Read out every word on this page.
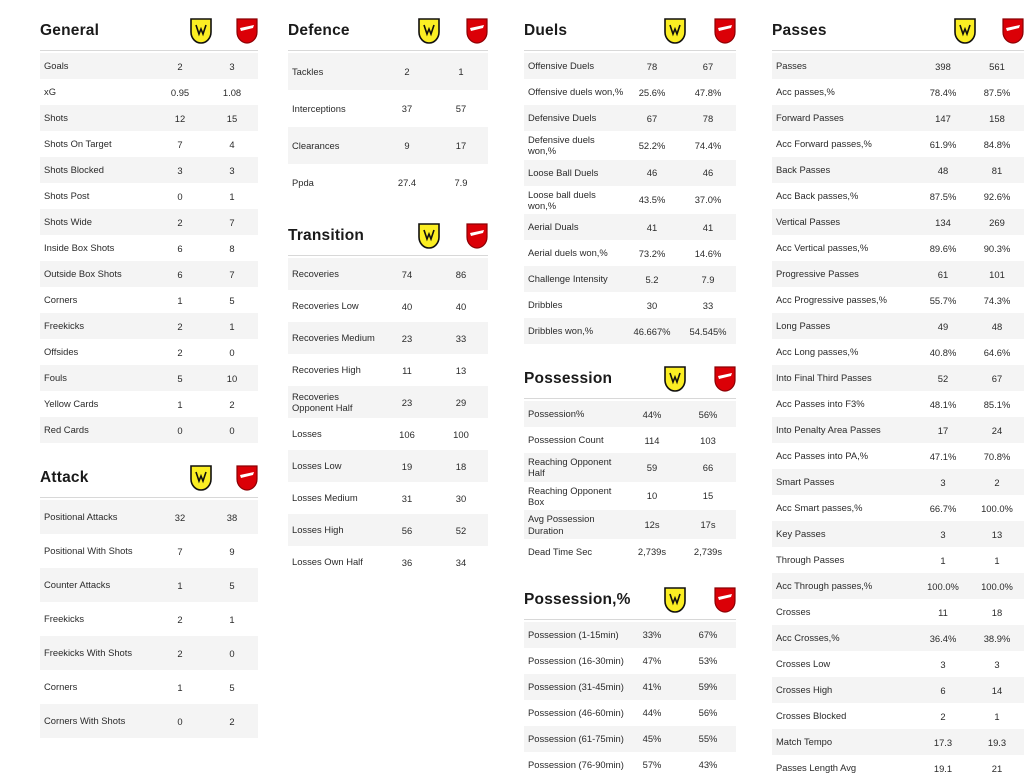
General
Goals	2	3
xG	0.95	1.08
Shots	12	15
Shots On Target	7	4
Shots Blocked	3	3
Shots Post	0	1
Shots Wide	2	7
Inside Box Shots	6	8
Outside Box Shots	6	7
Corners	1	5
Freekicks	2	1
Offsides	2	0
Fouls	5	10
Yellow Cards	1	2
Red Cards	0	0
Attack
Positional Attacks	32	38
Positional With Shots	7	9
Counter Attacks	1	5
Freekicks	2	1
Freekicks With Shots	2	0
Corners	1	5
Corners With Shots	0	2
Defence
Tackles	2	1
Interceptions	37	57
Clearances	9	17
Ppda	27.4	7.9
Transition
Recoveries	74	86
Recoveries Low	40	40
Recoveries Medium	23	33
Recoveries High	11	13
Recoveries Opponent Half	23	29
Losses	106	100
Losses Low	19	18
Losses Medium	31	30
Losses High	56	52
Losses Own Half	36	34
Duels
Offensive Duels	78	67
Offensive duels won,%	25.6%	47.8%
Defensive Duels	67	78
Defensive duels won,%	52.2%	74.4%
Loose Ball Duels	46	46
Loose ball duels won,%	43.5%	37.0%
Aerial Duals	41	41
Aerial duels won,%	73.2%	14.6%
Challenge Intensity	5.2	7.9
Dribbles	30	33
Dribbles won,%	46.667%	54.545%
Possession
Possession%	44%	56%
Possession Count	114	103
Reaching Opponent Half	59	66
Reaching Opponent Box	10	15
Avg Possession Duration	12s	17s
Dead Time Sec	2,739s	2,739s
Possession,%
Possession (1-15min)	33%	67%
Possession (16-30min)	47%	53%
Possession (31-45min)	41%	59%
Possession (46-60min)	44%	56%
Possession (61-75min)	45%	55%
Possession (76-90min)	57%	43%
Passes
Passes	398	561
Acc passes,%	78.4%	87.5%
Forward Passes	147	158
Acc Forward passes,%	61.9%	84.8%
Back Passes	48	81
Acc Back passes,%	87.5%	92.6%
Vertical Passes	134	269
Acc Vertical passes,%	89.6%	90.3%
Progressive Passes	61	101
Acc Progressive passes,%	55.7%	74.3%
Long Passes	49	48
Acc Long passes,%	40.8%	64.6%
Into Final Third Passes	52	67
Acc Passes into F3%	48.1%	85.1%
Into Penalty Area Passes	17	24
Acc Passes into PA,%	47.1%	70.8%
Smart Passes	3	2
Acc Smart passes,%	66.7%	100.0%
Key Passes	3	13
Through Passes	1	1
Acc Through passes,%	100.0%	100.0%
Crosses	11	18
Acc Crosses,%	36.4%	38.9%
Crosses Low	3	3
Crosses High	6	14
Crosses Blocked	2	1
Match Tempo	17.3	19.3
Passes Length Avg	19.1	21
